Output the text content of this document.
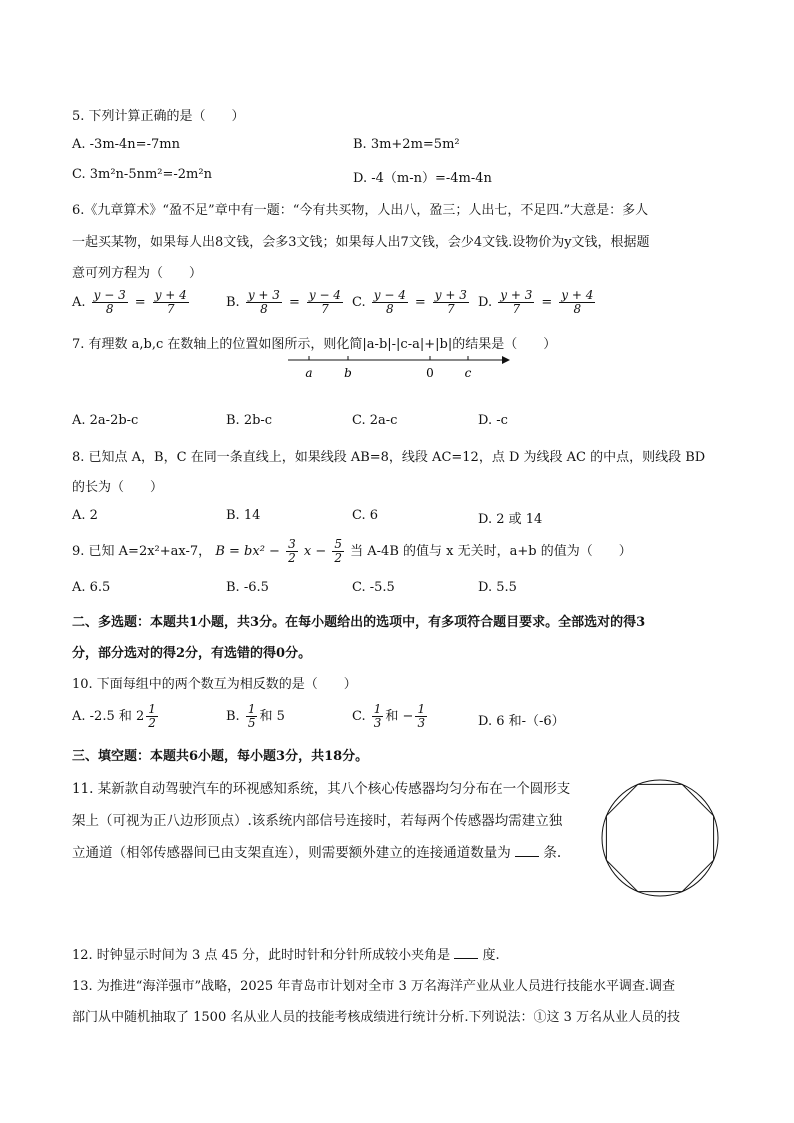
5. 下列计算正确的是（　　）
A. -3m-4n=-7mn	B. 3m+2m=5m²
C. 3m²n-5nm²=-2m²n	D. -4（m-n）=-4m-4n
6.《九章算术》“盈不足”章中有一题：“今有共买物，人出八，盈三；人出七，不足四.”大意是：多人
一起买某物，如果每人出8文钱，会多3文钱；如果每人出7文钱，会少4文钱.设物价为y文钱，根据题
意可列方程为（　　）
A. $\frac{y - 3}{8} = \frac{y + 4}{7}$	B. $\frac{y + 3}{8} = \frac{y - 4}{7} C$. $\frac{y - 4}{8} = \frac{y + 3}{7} D$. $\frac{y + 3}{7} = \frac{y + 4}{8}$
7. 有理数 a,b,c 在数轴上的位置如图所示，则化简|a-b|-|c-a|+|b|的结果是（　　）
a	b	0	c
A. 2a-2b-c	B. 2b-c	C. 2a-c	D. -c
8. 已知点 A，B，C 在同一条直线上，如果线段 AB=8，线段 AC=12，点 D 为线段 AC 的中点，则线段 BD
的长为（　　）
A. 2	B. 14	C. 6	D. 2 或 14
9. 已知 A=2x²+ax-7， $B = bx^2 - \frac{3}{2}$ $x - \frac{5}{2}$ 当 A-4B 的值与 x 无关时，a+b 的值为（　　）
A. 6.5	B. -6.5	C. -5.5	D. 5.5
二、多选题：本题共1小题，共3分。在每小题给出的选项中，有多项符合题目要求。全部选对的得3
分，部分选对的得2分，有选错的得0分。
10. 下面每组中的两个数互为相反数的是（　　）
A. -2.5 和 $2 \frac{1}{2}$	B. $\frac{1}{5}$ 和 5	C. $\frac{1}{3}$ 和 − $\frac{1}{3}$	D. 6 和-（-6）
三、填空题：本题共6小题，每小题3分，共18分。
11. 某新款自动驾驶汽车的环视感知系统，其八个核心传感器均匀分布在一个圆形支
架上（可视为正八边形顶点）.该系统内部信号连接时，若每两个传感器均需建立独
立通道（相邻传感器间已由支架直连），则需要额外建立的连接通道数量为 条.
12. 时钟显示时间为 3 点 45 分，此时时针和分针所成较小夹角是 度.
13. 为推进“海洋强市”战略，2025 年青岛市计划对全市 3 万名海洋产业从业人员进行技能水平调查.调查
部门从中随机抽取了 1500 名从业人员的技能考核成绩进行统计分析.下列说法：①这 3 万名从业人员的技
